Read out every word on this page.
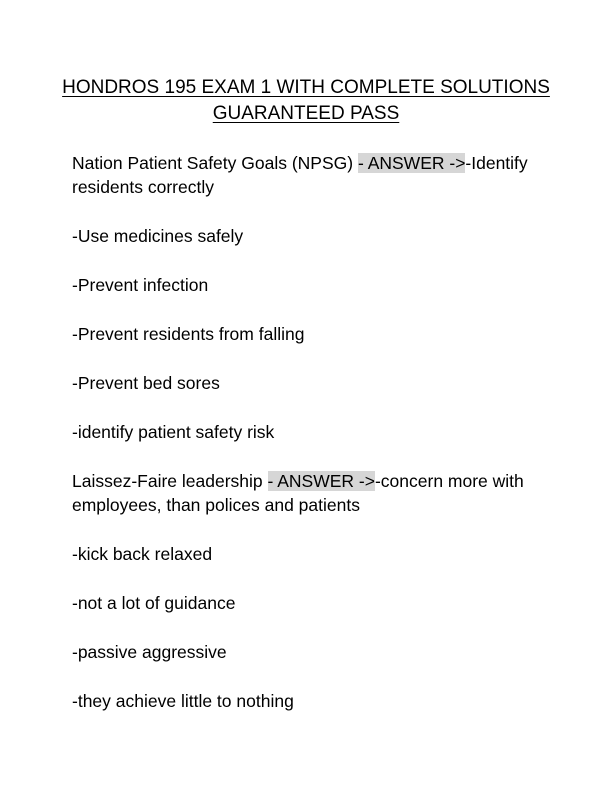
HONDROS 195 EXAM 1 WITH COMPLETE SOLUTIONS
GUARANTEED PASS
Nation Patient Safety Goals (NPSG) - ANSWER ->-Identify
residents correctly
-Use medicines safely
-Prevent infection
-Prevent residents from falling
-Prevent bed sores
-identify patient safety risk
Laissez-Faire leadership - ANSWER ->-concern more with
employees, than polices and patients
-kick back relaxed
-not a lot of guidance
-passive aggressive
-they achieve little to nothing
